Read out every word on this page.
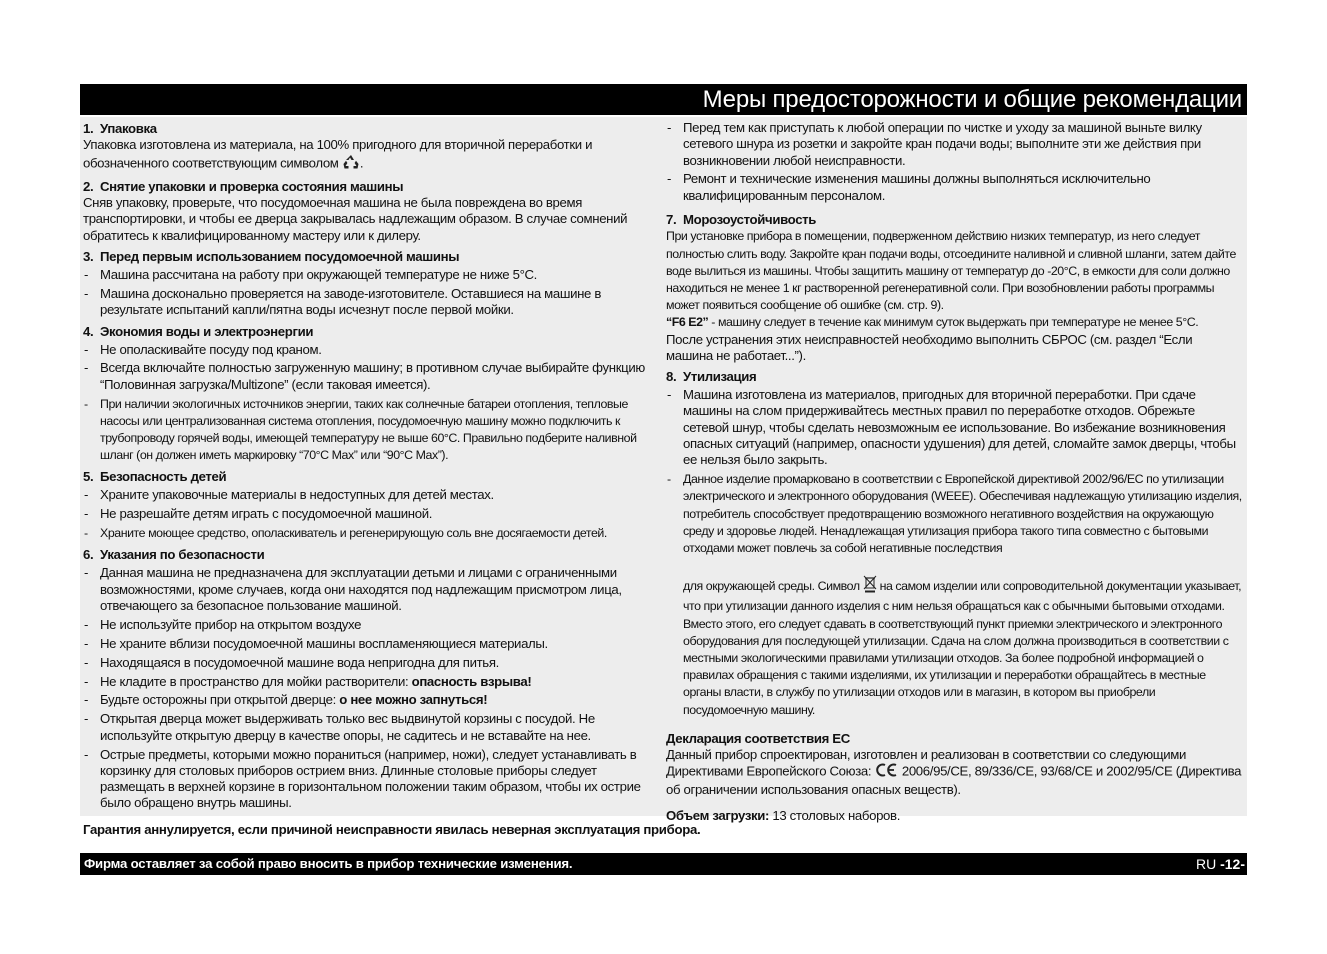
Меры предосторожности и общие рекомендации
1. Упаковка

Упаковка изготовлена из материала, на 100% пригодного для вторичной переработки и обозначенного соответствующим символом .

2. Снятие упаковки и проверка состояния машины

Сняв упаковку, проверьте, что посудомоечная машина не была повреждена во время транспортировки, и чтобы ее дверца закрывалась надлежащим образом. В случае сомнений обратитесь к квалифицированному мастеру или к дилеру.

3. Перед первым использованием посудомоечной машины
- Машина рассчитана на работу при окружающей температуре не ниже 5°C.
- Машина досконально проверяется на заводе-изготовителе. Оставшиеся на машине в результате испытаний капли/пятна воды исчезнут после первой мойки.
4. Экономия воды и электроэнергии
- Не ополаскивайте посуду под краном.
- Всегда включайте полностью загруженную машину; в противном случае выбирайте функцию “Половинная загрузка/Multizone” (если таковая имеется).
- При наличии экологичных источников энергии, таких как солнечные батареи отопления, тепловые насосы или централизованная система отопления, посудомоечную машину можно подключить к трубопроводу горячей воды, имеющей температуру не выше 60°C. Правильно подберите наливной шланг (он должен иметь маркировку “70°C Max” или “90°C Max”).
5. Безопасность детей
- Храните упаковочные материалы в недоступных для детей местах.
- Не разрешайте детям играть с посудомоечной машиной.
- Храните моющее средство, ополаскиватель и регенерирующую соль вне досягаемости детей.
6. Указания по безопасности
- Данная машина не предназначена для эксплуатации детьми и лицами с ограниченными возможностями, кроме случаев, когда они находятся под надлежащим присмотром лица, отвечающего за безопасное пользование машиной.
- Не используйте прибор на открытом воздухе
- Не храните вблизи посудомоечной машины воспламеняющиеся материалы.
- Находящаяся в посудомоечной машине вода непригодна для питья.
- Не кладите в пространство для мойки растворители: опасность взрыва!
- Будьте осторожны при открытой дверце: о нее можно запнуться!
- Открытая дверца может выдерживать только вес выдвинутой корзины с посудой. Не используйте открытую дверцу в качестве опоры, не садитесь и не вставайте на нее.
- Острые предметы, которыми можно пораниться (например, ножи), следует устанавливать в корзинку для столовых приборов острием вниз. Длинные столовые приборы следует размещать в верхней корзине в горизонтальном положении таким образом, чтобы их острие было обращено внутрь машины.
- Перед тем как приступать к любой операции по чистке и уходу за машиной выньте вилку сетевого шнура из розетки и закройте кран подачи воды; выполните эти же действия при возникновении любой неисправности.
- Ремонт и технические изменения машины должны выполняться исключительно квалифицированным персоналом.
7. Морозоустойчивость

При установке прибора в помещении, подверженном действию низких температур, из него следует полностью слить воду. Закройте кран подачи воды, отсоедините наливной и сливной шланги, затем дайте воде вылиться из машины. Чтобы защитить машину от температур до -20°C, в емкости для соли должно находиться не менее 1 кг растворенной регенеративной соли. При возобновлении работы программы может появиться сообщение об ошибке (см. стр. 9).
“F6 E2” - машину следует в течение как минимум суток выдержать при температуре не менее 5°C.

После устранения этих неисправностей необходимо выполнить СБРОС (см. раздел “Если машина не работает...”).

8. Утилизация
- Машина изготовлена из материалов, пригодных для вторичной переработки. При сдаче машины на слом придерживайтесь местных правил по переработке отходов. Обрежьте сетевой шнур, чтобы сделать невозможным ее использование. Во избежание возникновения опасных ситуаций (например, опасности удушения) для детей, сломайте замок дверцы, чтобы ее нельзя было закрыть.
- Данное изделие промарковано в соответствии с Европейской директивой 2002/96/ЕС по утилизации электрического и электронного оборудования (WEEE). Обеспечивая надлежащую утилизацию изделия, потребитель способствует предотвращению возможного негативного воздействия на окружающую среду и здоровье людей. Ненадлежащая утилизация прибора такого типа совместно с бытовыми отходами может повлечь за собой негативные последствия
для окружающей среды. Символ  на самом изделии или сопроводительной документации указывает, что при утилизации данного изделия с ним нельзя обращаться как с обычными бытовыми отходами. Вместо этого, его следует сдавать в соответствующий пункт приемки электрического и электронного оборудования для последующей утилизации. Сдача на слом должна производиться в соответствии с местными экологическими правилами утилизации отходов. За более подробной информацией о правилах обращения с такими изделиями, их утилизации и переработки обращайтесь в местные органы власти, в службу по утилизации отходов или в магазин, в котором вы приобрели посудомоечную машину.
Декларация соответствия ЕС

Данный прибор спроектирован, изготовлен и реализован в соответствии со следующими Директивами Европейского Союза:  2006/95/CE, 89/336/CE, 93/68/CE и 2002/95/CE (Директива об ограничении использования опасных веществ).

Объем загрузки: 13 столовых наборов.

Гарантия аннулируется, если причиной неисправности явилась неверная эксплуатация прибора.
Фирма оставляет за собой право вносить в прибор технические изменения.	RU -12-
